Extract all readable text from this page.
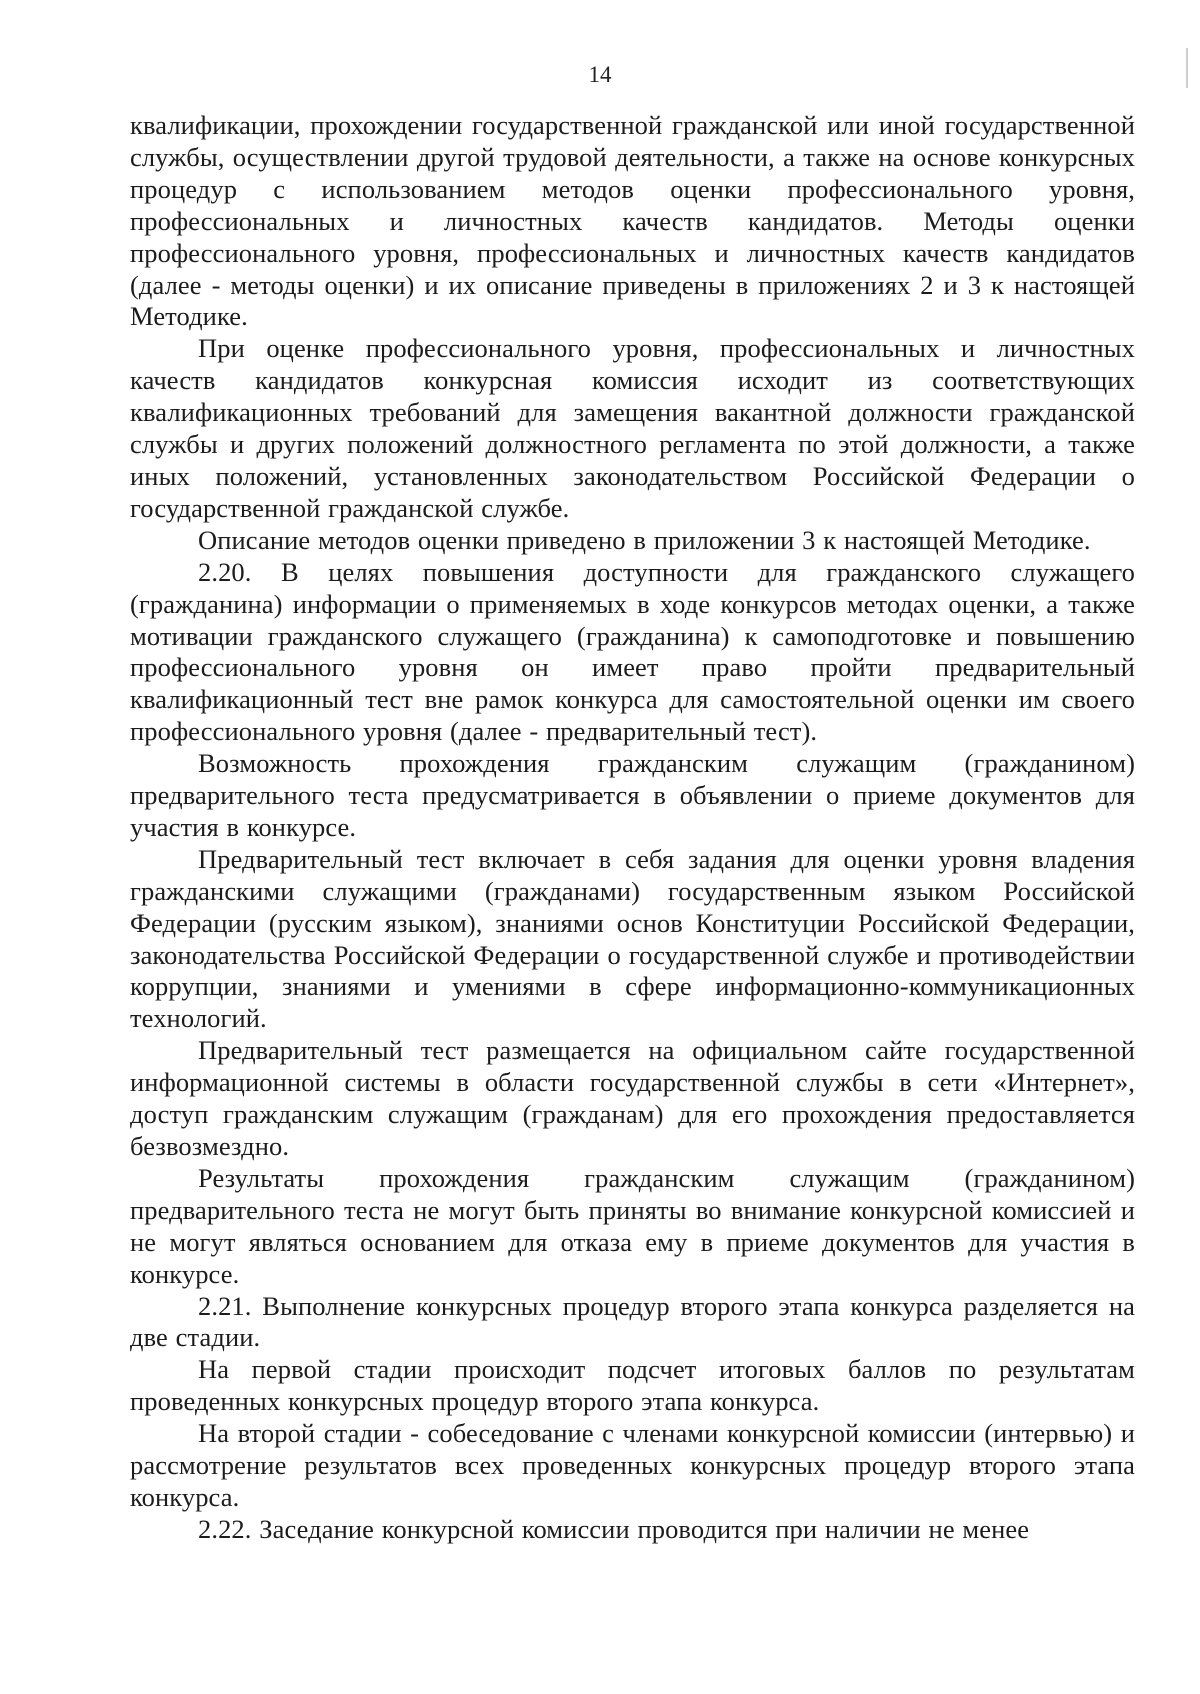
14

квалификации, прохождении государственной гражданской или иной государственной службы, осуществлении другой трудовой деятельности, а также на основе конкурсных процедур с использованием методов оценки профессионального уровня, профессиональных и личностных качеств кандидатов. Методы оценки профессионального уровня, профессиональных и личностных качеств кандидатов (далее - методы оценки) и их описание приведены в приложениях 2 и 3 к настоящей Методике.

При оценке профессионального уровня, профессиональных и личностных качеств кандидатов конкурсная комиссия исходит из соответствующих квалификационных требований для замещения вакантной должности гражданской службы и других положений должностного регламента по этой должности, а также иных положений, установленных законодательством Российской Федерации о государственной гражданской службе.

Описание методов оценки приведено в приложении 3 к настоящей Методике.

2.20. В целях повышения доступности для гражданского служащего (гражданина) информации о применяемых в ходе конкурсов методах оценки, а также мотивации гражданского служащего (гражданина) к самоподготовке и повышению профессионального уровня он имеет право пройти предварительный квалификационный тест вне рамок конкурса для самостоятельной оценки им своего профессионального уровня (далее - предварительный тест).

Возможность прохождения гражданским служащим (гражданином) предварительного теста предусматривается в объявлении о приеме документов для участия в конкурсе.

Предварительный тест включает в себя задания для оценки уровня владения гражданскими служащими (гражданами) государственным языком Российской Федерации (русским языком), знаниями основ Конституции Российской Федерации, законодательства Российской Федерации о государственной службе и противодействии коррупции, знаниями и умениями в сфере информационно-коммуникационных технологий.

Предварительный тест размещается на официальном сайте государственной информационной системы в области государственной службы в сети «Интернет», доступ гражданским служащим (гражданам) для его прохождения предоставляется безвозмездно.

Результаты прохождения гражданским служащим (гражданином) предварительного теста не могут быть приняты во внимание конкурсной комиссией и не могут являться основанием для отказа ему в приеме документов для участия в конкурсе.

2.21. Выполнение конкурсных процедур второго этапа конкурса разделяется на две стадии.

На первой стадии происходит подсчет итоговых баллов по результатам проведенных конкурсных процедур второго этапа конкурса.

На второй стадии - собеседование с членами конкурсной комиссии (интервью) и рассмотрение результатов всех проведенных конкурсных процедур второго этапа конкурса.

2.22. Заседание конкурсной комиссии проводится при наличии не менее
